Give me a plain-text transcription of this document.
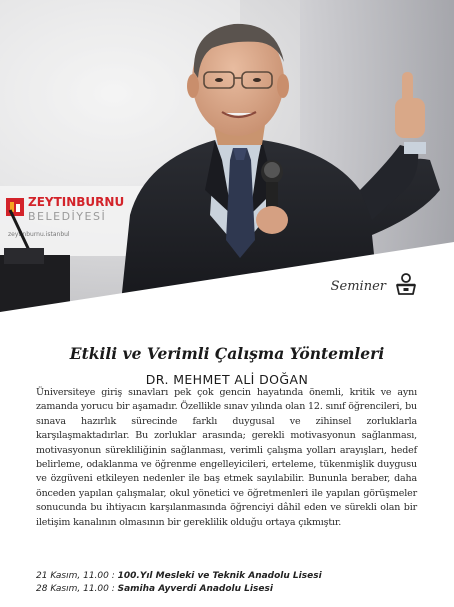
ZEYTINBURNU
BELEDİYESİ
zeytinburnu.istanbul
Seminer
Etkili ve Verimli Çalışma Yöntemleri
DR. MEHMET ALİ DOĞAN

Üniversiteye giriş sınavları pek çok gencin hayatında önemli, kritik ve aynı zamanda yorucu bir aşamadır. Özellikle sınav yılında olan 12. sınıf öğrencileri, bu sınava hazırlık sürecinde farklı duygusal ve zihinsel zorluklarla karşılaşmaktadırlar. Bu zorluklar arasında; gerekli motivasyonun sağlanması, motivasyonun sürekliliğinin sağlanması, verimli çalışma yolları arayışları, hedef belirleme, odaklanma ve öğrenme engelleyicileri, erteleme, tükenmişlik duygusu ve özgüveni etkileyen nedenler ile baş etmek sayılabilir. Bununla beraber, daha önceden yapılan çalışmalar, okul yönetici ve öğretmenleri ile yapılan görüşmeler sonucunda bu ihtiyacın karşılanmasında öğrenciyi dâhil eden ve sürekli olan bir iletişim kanalının olmasının bir gereklilik olduğu ortaya çıkmıştır.

21 Kasım, 11.00 : 100.Yıl Mesleki ve Teknik Anadolu Lisesi
28 Kasım, 11.00 : Samiha Ayverdi Anadolu Lisesi
